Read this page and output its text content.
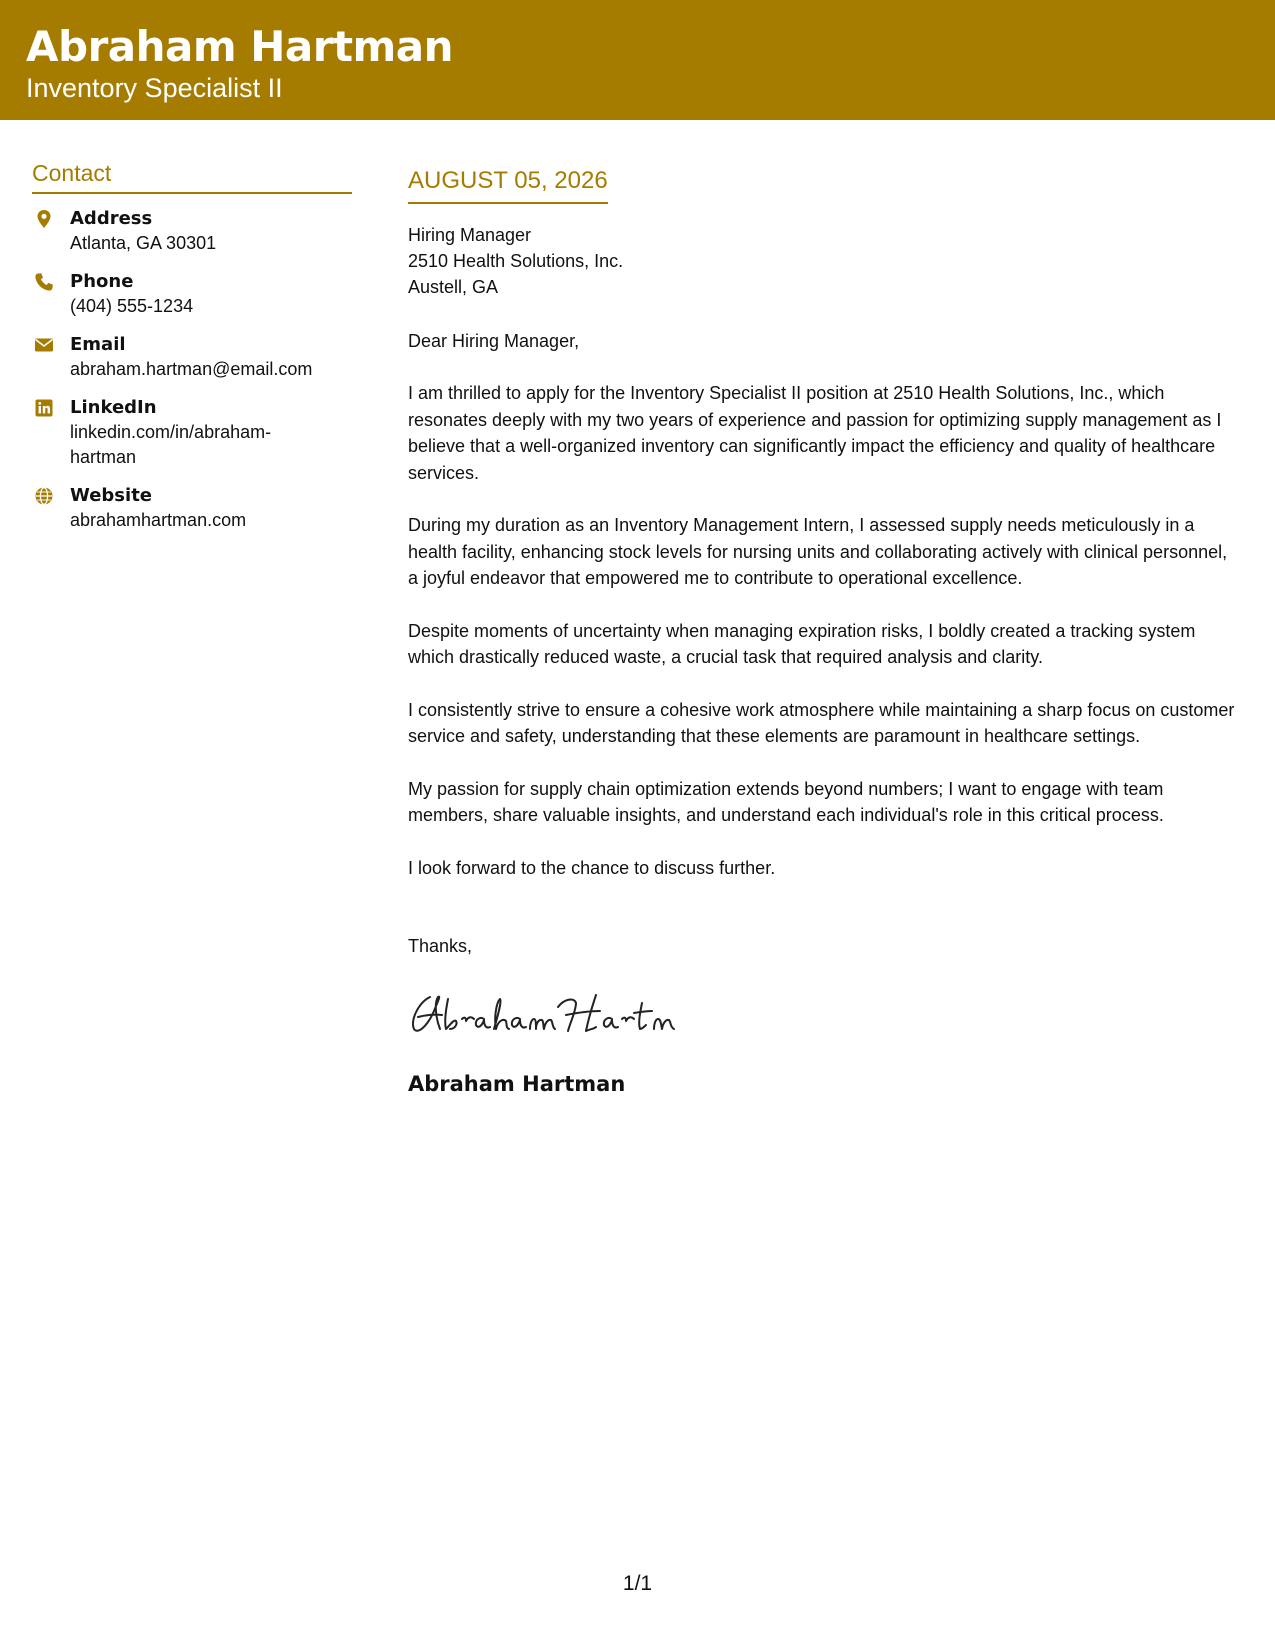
Abraham Hartman
Inventory Specialist II
Contact
Address
Atlanta, GA 30301
Phone
(404) 555-1234
Email
abraham.hartman@email.com
LinkedIn
linkedin.com/in/abraham-hartman
Website
abrahamhartman.com
AUGUST 05, 2026
Hiring Manager
2510 Health Solutions, Inc.
Austell, GA
Dear Hiring Manager,
I am thrilled to apply for the Inventory Specialist II position at 2510 Health Solutions, Inc., which resonates deeply with my two years of experience and passion for optimizing supply management as I believe that a well-organized inventory can significantly impact the efficiency and quality of healthcare services.
During my duration as an Inventory Management Intern, I assessed supply needs meticulously in a health facility, enhancing stock levels for nursing units and collaborating actively with clinical personnel, a joyful endeavor that empowered me to contribute to operational excellence.
Despite moments of uncertainty when managing expiration risks, I boldly created a tracking system which drastically reduced waste, a crucial task that required analysis and clarity.
I consistently strive to ensure a cohesive work atmosphere while maintaining a sharp focus on customer service and safety, understanding that these elements are paramount in healthcare settings.
My passion for supply chain optimization extends beyond numbers; I want to engage with team members, share valuable insights, and understand each individual's role in this critical process.
I look forward to the chance to discuss further.
Thanks,
Abraham Hartman
1/1
